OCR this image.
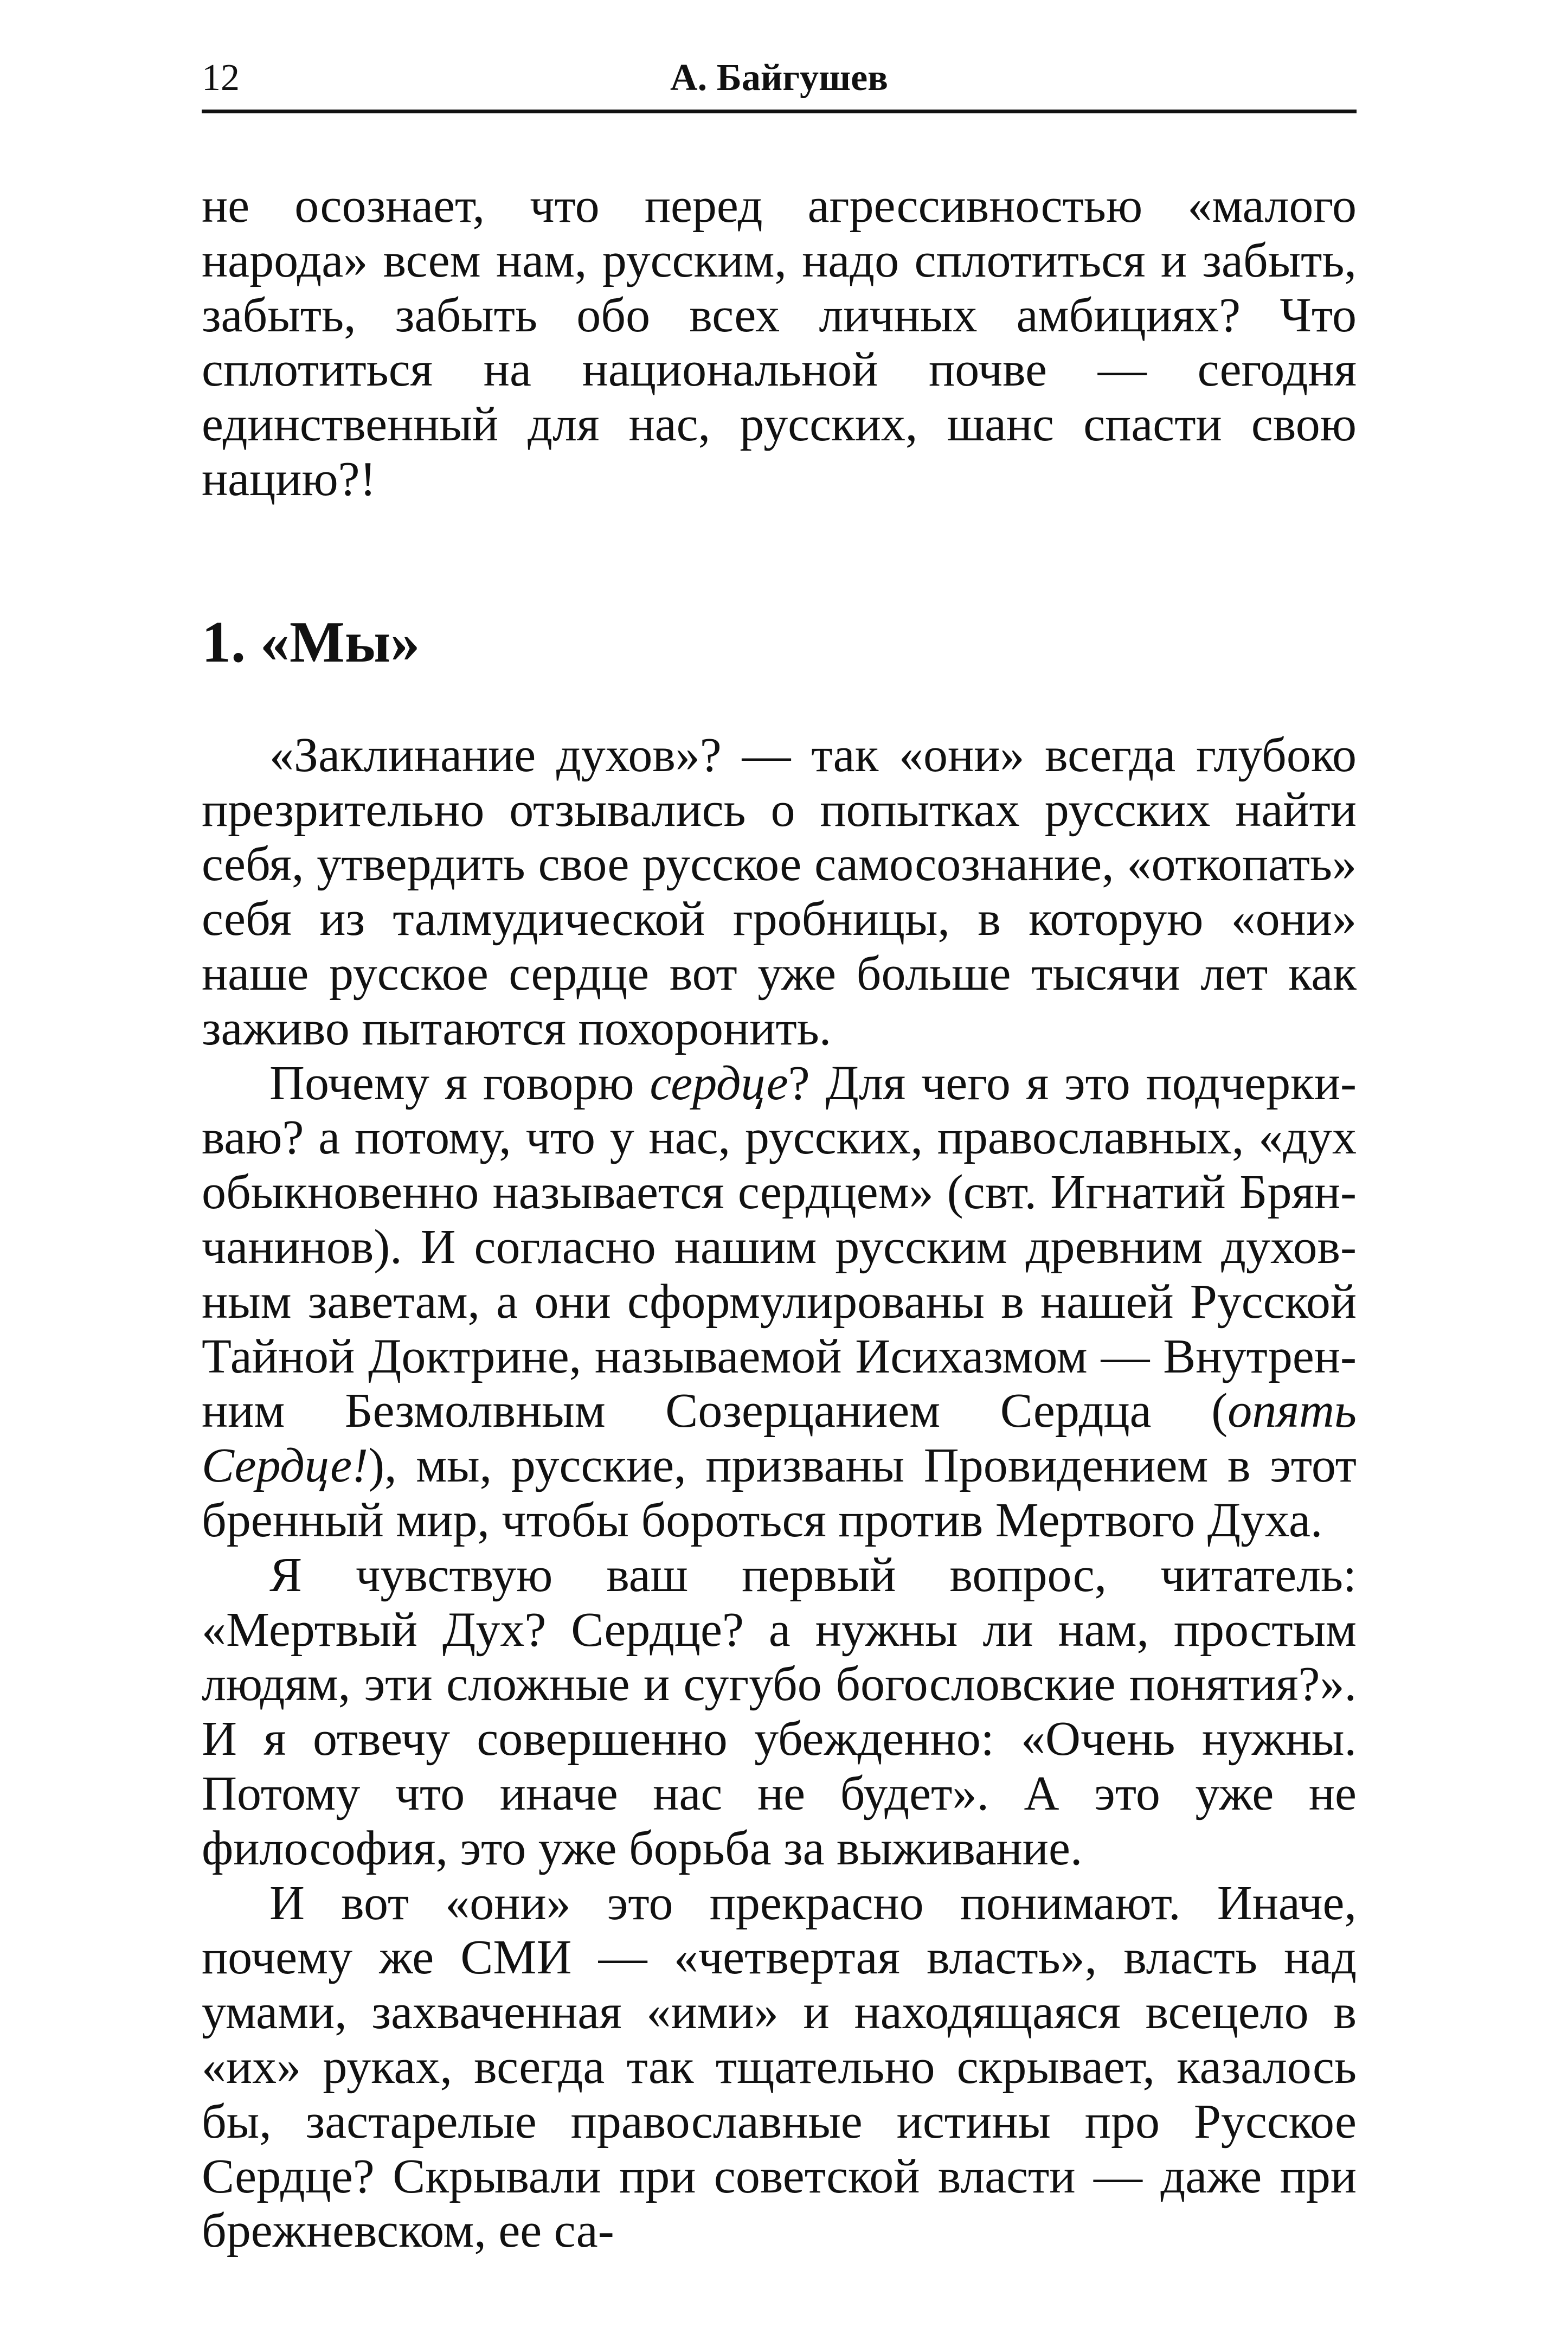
12	А. Байгушев

не осознает, что перед агрессивностью «малого народа» всем нам, русским, надо сплотиться и забыть, забыть, забыть обо всех личных амбициях? Что сплотиться на национальной почве — сегодня единственный для нас, русских, шанс спасти свою нацию?!

1. «Мы»

«Заклинание духов»? — так «они» всегда глубоко презрительно отзывались о попытках русских найти себя, утвердить свое русское самосознание, «откопать» себя из талмудической гробницы, в которую «они» наше русское сердце вот уже больше тысячи лет как заживо пытаются похоронить.

Почему я говорю сердце? Для чего я это подчеркиваю? а потому, что у нас, русских, православных, «дух обыкновенно называется сердцем» (свт. Игнатий Брянчанинов). И согласно нашим русским древним духовным заветам, а они сформулированы в нашей Русской Тайной Доктрине, называемой Исихазмом — Внутренним Безмолвным Созерцанием Сердца (опять Сердце!), мы, русские, призваны Провидением в этот бренный мир, чтобы бороться против Мертвого Духа.

Я чувствую ваш первый вопрос, читатель: «Мертвый Дух? Сердце? а нужны ли нам, простым людям, эти сложные и сугубо богословские понятия?». И я отвечу совершенно убежденно: «Очень нужны. Потому что иначе нас не будет». А это уже не философия, это уже борьба за выживание.

И вот «они» это прекрасно понимают. Иначе, почему же СМИ — «четвертая власть», власть над умами, захваченная «ими» и находящаяся всецело в «их» руках, всегда так тщательно скрывает, казалось бы, застарелые православные истины про Русское Сердце? Скрывали при советской власти — даже при брежневском, ее са-
